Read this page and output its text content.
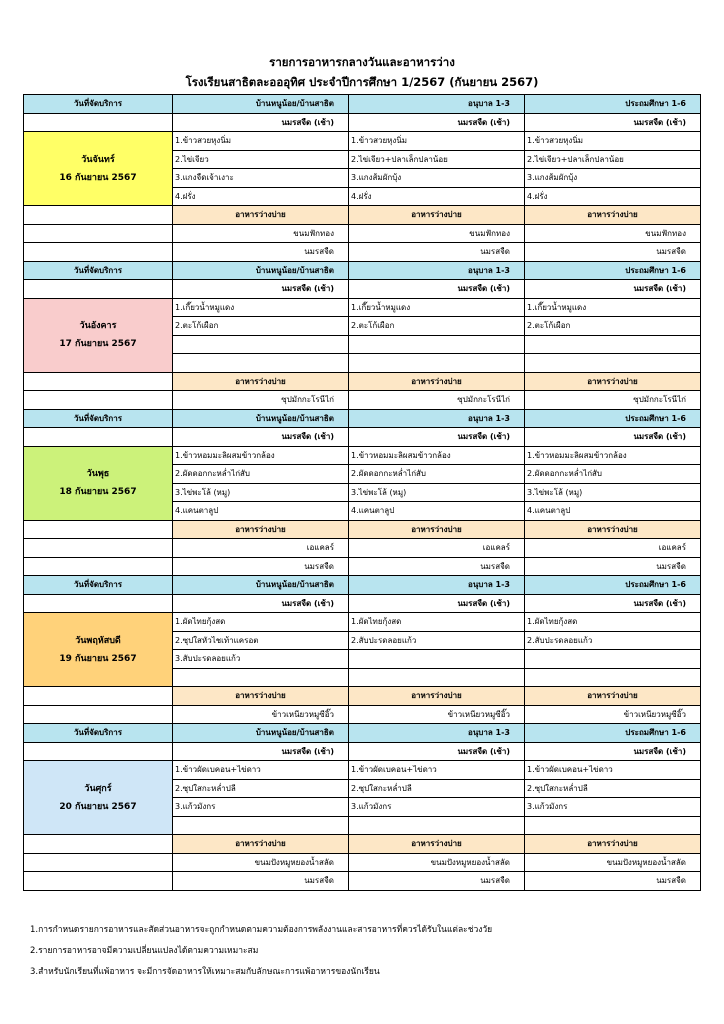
รายการอาหารกลางวันและอาหารว่าง
โรงเรียนสาธิตละอออุทิศ ประจำปีการศึกษา 1/2567 (กันยายน 2567)
วันที่จัดบริการ	บ้านหนูน้อย/บ้านสาธิต	อนุบาล 1-3	ประถมศึกษา 1-6
	นมรสจืด (เช้า)	นมรสจืด (เช้า)	นมรสจืด (เช้า)

วันจันทร์
16 กันยายน 2567	1.ข้าวสวยหุงนิ่ม	1.ข้าวสวยหุงนิ่ม	1.ข้าวสวยหุงนิ่ม
	2.ไข่เจียว	2.ไข่เจียว+ปลาเล็กปลาน้อย	2.ไข่เจียว+ปลาเล็กปลาน้อย
	3.แกงจืดเจ้าเงาะ	3.แกงส้มผักบุ้ง	3.แกงส้มผักบุ้ง
	4.ฝรั่ง	4.ฝรั่ง	4.ฝรั่ง
	อาหารว่างบ่าย	อาหารว่างบ่าย	อาหารว่างบ่าย
	ขนมฟักทอง	ขนมฟักทอง	ขนมฟักทอง
	นมรสจืด	นมรสจืด	นมรสจืด
วันที่จัดบริการ	บ้านหนูน้อย/บ้านสาธิต	อนุบาล 1-3	ประถมศึกษา 1-6
	นมรสจืด (เช้า)	นมรสจืด (เช้า)	นมรสจืด (เช้า)

วันอังคาร
17 กันยายน 2567	1.เกี๊ยวน้ำหมูแดง	1.เกี๊ยวน้ำหมูแดง	1.เกี๊ยวน้ำหมูแดง
	2.ตะโก้เผือก	2.ตะโก้เผือก	2.ตะโก้เผือก

	อาหารว่างบ่าย	อาหารว่างบ่าย	อาหารว่างบ่าย
	ซุปมักกะโรนีไก่	ซุปมักกะโรนีไก่	ซุปมักกะโรนีไก่
วันที่จัดบริการ	บ้านหนูน้อย/บ้านสาธิต	อนุบาล 1-3	ประถมศึกษา 1-6
	นมรสจืด (เช้า)	นมรสจืด (เช้า)	นมรสจืด (เช้า)

วันพุธ
18 กันยายน 2567	1.ข้าวหอมมะลิผสมข้าวกล้อง	1.ข้าวหอมมะลิผสมข้าวกล้อง	1.ข้าวหอมมะลิผสมข้าวกล้อง
	2.ผัดดอกกะหล่ำไก่สับ	2.ผัดดอกกะหล่ำไก่สับ	2.ผัดดอกกะหล่ำไก่สับ
	3.ไข่พะโล้ (หมู)	3.ไข่พะโล้ (หมู)	3.ไข่พะโล้ (หมู)
	4.แคนตาลูป	4.แคนตาลูป	4.แคนตาลูป
	อาหารว่างบ่าย	อาหารว่างบ่าย	อาหารว่างบ่าย
	เอแคลร์	เอแคลร์	เอแคลร์
	นมรสจืด	นมรสจืด	นมรสจืด
วันที่จัดบริการ	บ้านหนูน้อย/บ้านสาธิต	อนุบาล 1-3	ประถมศึกษา 1-6
	นมรสจืด (เช้า)	นมรสจืด (เช้า)	นมรสจืด (เช้า)

วันพฤหัสบดี
19 กันยายน 2567	1.ผัดไทยกุ้งสด	1.ผัดไทยกุ้งสด	1.ผัดไทยกุ้งสด
	2.ซุปใสหัวไชเท้าแครอต	2.สับปะรดลอยแก้ว	2.สับปะรดลอยแก้ว
	3.สับปะรดลอยแก้ว		

	อาหารว่างบ่าย	อาหารว่างบ่าย	อาหารว่างบ่าย
	ข้าวเหนียวหมูซีอิ๊ว	ข้าวเหนียวหมูซีอิ๊ว	ข้าวเหนียวหมูซีอิ๊ว
วันที่จัดบริการ	บ้านหนูน้อย/บ้านสาธิต	อนุบาล 1-3	ประถมศึกษา 1-6
	นมรสจืด (เช้า)	นมรสจืด (เช้า)	นมรสจืด (เช้า)

วันศุกร์
20 กันยายน 2567	1.ข้าวผัดเบคอน+ไข่ดาว	1.ข้าวผัดเบคอน+ไข่ดาว	1.ข้าวผัดเบคอน+ไข่ดาว
	2.ซุปใสกะหล่ำปลี	2.ซุปใสกะหล่ำปลี	2.ซุปใสกะหล่ำปลี
	3.แก้วมังกร	3.แก้วมังกร	3.แก้วมังกร

	อาหารว่างบ่าย	อาหารว่างบ่าย	อาหารว่างบ่าย
	ขนมปังหมูหยองน้ำสลัด	ขนมปังหมูหยองน้ำสลัด	ขนมปังหมูหยองน้ำสลัด
	นมรสจืด	นมรสจืด	นมรสจืด
1.การกำหนดรายการอาหารและสัดส่วนอาหารจะถูกกำหนดตามความต้องการพลังงานและสารอาหารที่ควรได้รับในแต่ละช่วงวัย
2.รายการอาหารอาจมีความเปลี่ยนแปลงได้ตามความเหมาะสม
3.สำหรับนักเรียนที่แพ้อาหาร จะมีการจัดอาหารให้เหมาะสมกับลักษณะการแพ้อาหารของนักเรียน
